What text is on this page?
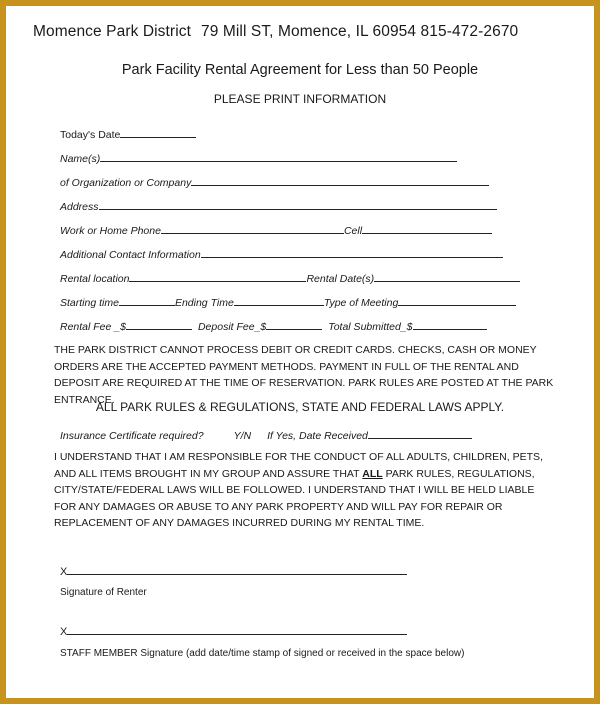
Momence Park District 79 Mill ST, Momence, IL 60954 815-472-2670
Park Facility Rental Agreement for Less than 50 People
PLEASE PRINT INFORMATION
Today's Date
Name(s)
of Organization or Company
Address
Work or Home Phone	Cell
Additional Contact Information
Rental location	Rental Date(s)
Starting time	Ending Time	Type of Meeting
Rental Fee _$	Deposit Fee_$	Total Submitted_$
THE PARK DISTRICT CANNOT PROCESS DEBIT OR CREDIT CARDS. CHECKS, CASH OR MONEY ORDERS ARE THE ACCEPTED PAYMENT METHODS. PAYMENT IN FULL OF THE RENTAL AND DEPOSIT ARE REQUIRED AT THE TIME OF RESERVATION. PARK RULES ARE POSTED AT THE PARK ENTRANCE.
ALL PARK RULES & REGULATIONS, STATE AND FEDERAL LAWS APPLY.
Insurance Certificate required?	Y/N If Yes, Date Received
I UNDERSTAND THAT I AM RESPONSIBLE FOR THE CONDUCT OF ALL ADULTS, CHILDREN, PETS, AND ALL ITEMS BROUGHT IN MY GROUP AND ASSURE THAT ALL PARK RULES, REGULATIONS, CITY/STATE/FEDERAL LAWS WILL BE FOLLOWED. I UNDERSTAND THAT I WILL BE HELD LIABLE FOR ANY DAMAGES OR ABUSE TO ANY PARK PROPERTY AND WILL PAY FOR REPAIR OR REPLACEMENT OF ANY DAMAGES INCURRED DURING MY RENTAL TIME.
X
Signature of Renter
X
STAFF MEMBER Signature (add date/time stamp of signed or received in the space below)
